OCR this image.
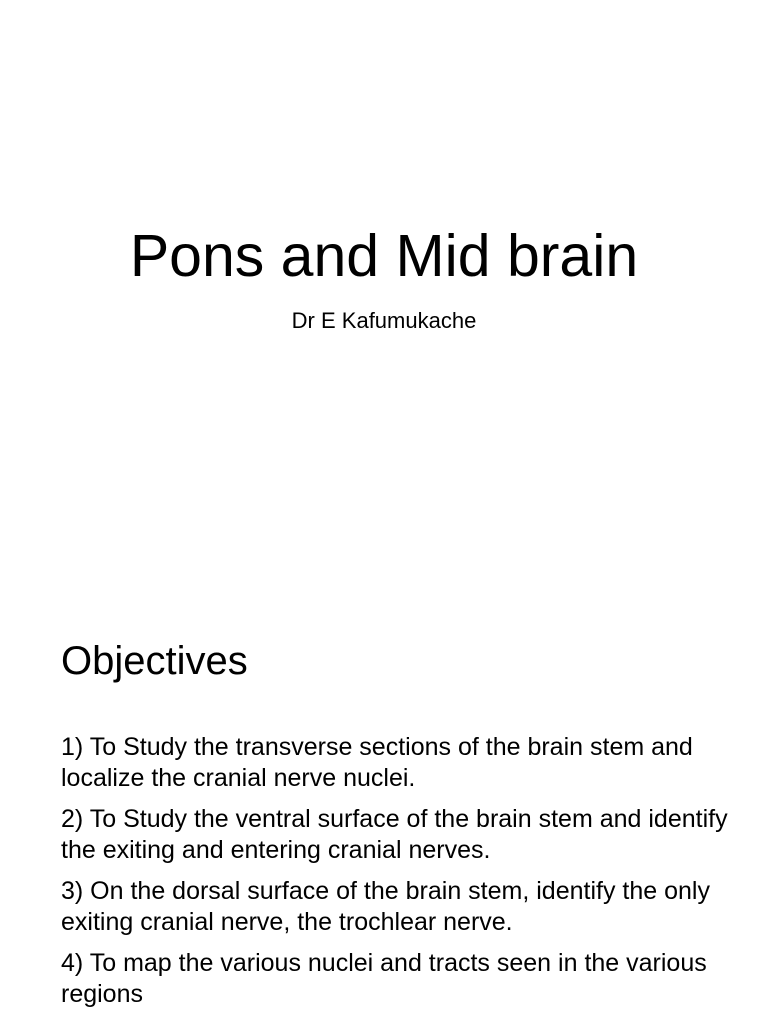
Pons and Mid brain

Dr E Kafumukache

Objectives
1) To Study the transverse sections of the brain stem and localize the cranial nerve nuclei.
2) To Study the ventral surface of the brain stem and identify the exiting and entering cranial nerves.
3) On the dorsal surface of the brain stem, identify the only exiting cranial nerve, the trochlear nerve.
4) To map the various nuclei and tracts seen in the various regions
